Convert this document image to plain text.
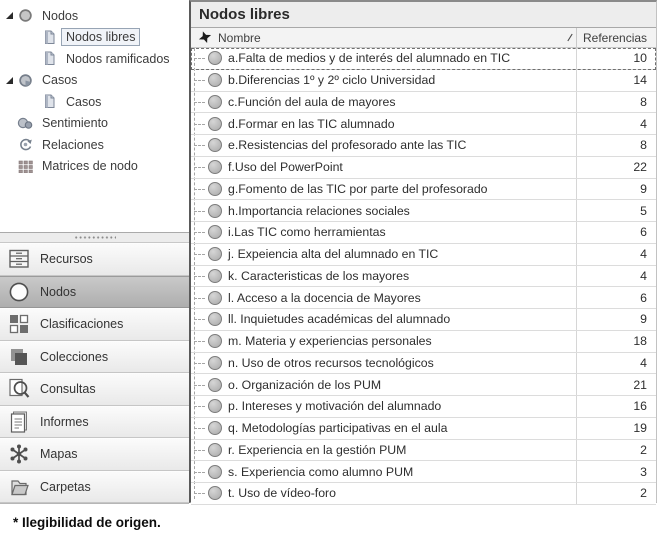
Nodos
Nodos libres
Nodos ramificados
Casos
Casos
Sentimiento
Relaciones
Matrices de nodo
Recursos
Nodos
Clasificaciones
Colecciones
Consultas
Informes
Mapas
Carpetas
Nodos libres
Nombre	Referencias
a.Falta de medios y de interés del alumnado en TIC	10
b.Diferencias 1º y 2º ciclo Universidad	14
c.Función del aula de mayores	8
d.Formar en las TIC alumnado	4
e.Resistencias del profesorado ante las TIC	8
f.Uso del PowerPoint	22
g.Fomento de las TIC por parte del profesorado	9
h.Importancia relaciones sociales	5
i.Las TIC como herramientas	6
j. Expeiencia alta del alumnado en TIC	4
k. Caracteristicas de los mayores	4
l. Acceso a la docencia de Mayores	6
ll. Inquietudes académicas del alumnado	9
m. Materia y experiencias personales	18
n. Uso de otros recursos tecnológicos	4
o. Organización de los PUM	21
p. Intereses y motivación del alumnado	16
q. Metodologías participativas en el aula	19
r. Experiencia en la gestión PUM	2
s. Experiencia como alumno PUM	3
t. Uso de vídeo-foro	2
* Ilegibilidad de origen.
